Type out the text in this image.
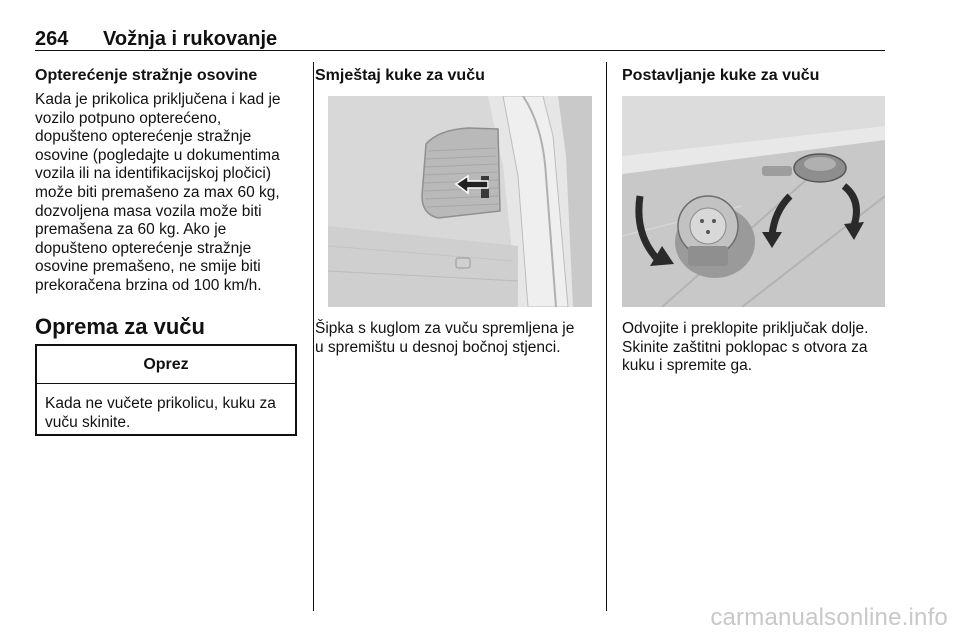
264 Vožnja i rukovanje
Opterećenje stražnje osovine
Kada je prikolica priključena i kad je
vozilo potpuno opterećeno,
dopušteno opterećenje stražnje
osovine (pogledajte u dokumentima
vozila ili na identifikacijskoj pločici)
može biti premašeno za max 60 kg,
dozvoljena masa vozila može biti
premašena za 60 kg. Ako je
dopušteno opterećenje stražnje
osovine premašeno, ne smije biti
prekoračena brzina od 100 km/h.
Oprema za vuču
Oprez
Kada ne vučete prikolicu, kuku za
vuču skinite.
Smještaj kuke za vuču
Šipka s kuglom za vuču spremljena je
u spremištu u desnoj bočnoj stjenci.
Postavljanje kuke za vuču
Odvojite i preklopite priključak dolje.
Skinite zaštitni poklopac s otvora za
kuku i spremite ga.
carmanualsonline.info
